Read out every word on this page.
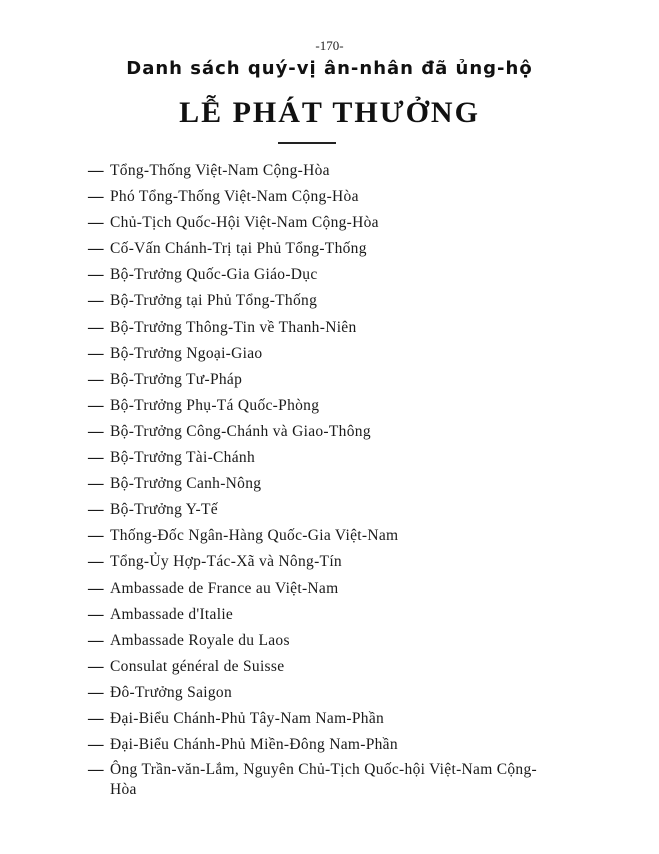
-170-
Danh sách quý-vị ân-nhân đã ủng-hộ
LỄ PHÁT THƯỞNG
— Tổng-Thống Việt-Nam Cộng-Hòa
— Phó Tổng-Thống Việt-Nam Cộng-Hòa
— Chủ-Tịch Quốc-Hội Việt-Nam Cộng-Hòa
— Cố-Vấn Chánh-Trị tại Phủ Tổng-Thống
— Bộ-Trưởng Quốc-Gia Giáo-Dục
— Bộ-Trưởng tại Phủ Tổng-Thống
— Bộ-Trưởng Thông-Tin về Thanh-Niên
— Bộ-Trưởng Ngoại-Giao
— Bộ-Trưởng Tư-Pháp
— Bộ-Trưởng Phụ-Tá Quốc-Phòng
— Bộ-Trưởng Công-Chánh và Giao-Thông
— Bộ-Trưởng Tài-Chánh
— Bộ-Trưởng Canh-Nông
— Bộ-Trưởng Y-Tế
— Thống-Đốc Ngân-Hàng Quốc-Gia Việt-Nam
— Tổng-Ủy Hợp-Tác-Xã và Nông-Tín
— Ambassade de France au Việt-Nam
— Ambassade d'Italie
— Ambassade Royale du Laos
— Consulat général de Suisse
— Đô-Trưởng Saigon
— Đại-Biểu Chánh-Phủ Tây-Nam Nam-Phần
— Đại-Biểu Chánh-Phủ Miền-Đông Nam-Phần
— Ông Trần-văn-Lắm, Nguyên Chủ-Tịch Quốc-hội Việt-Nam Cộng-Hòa
